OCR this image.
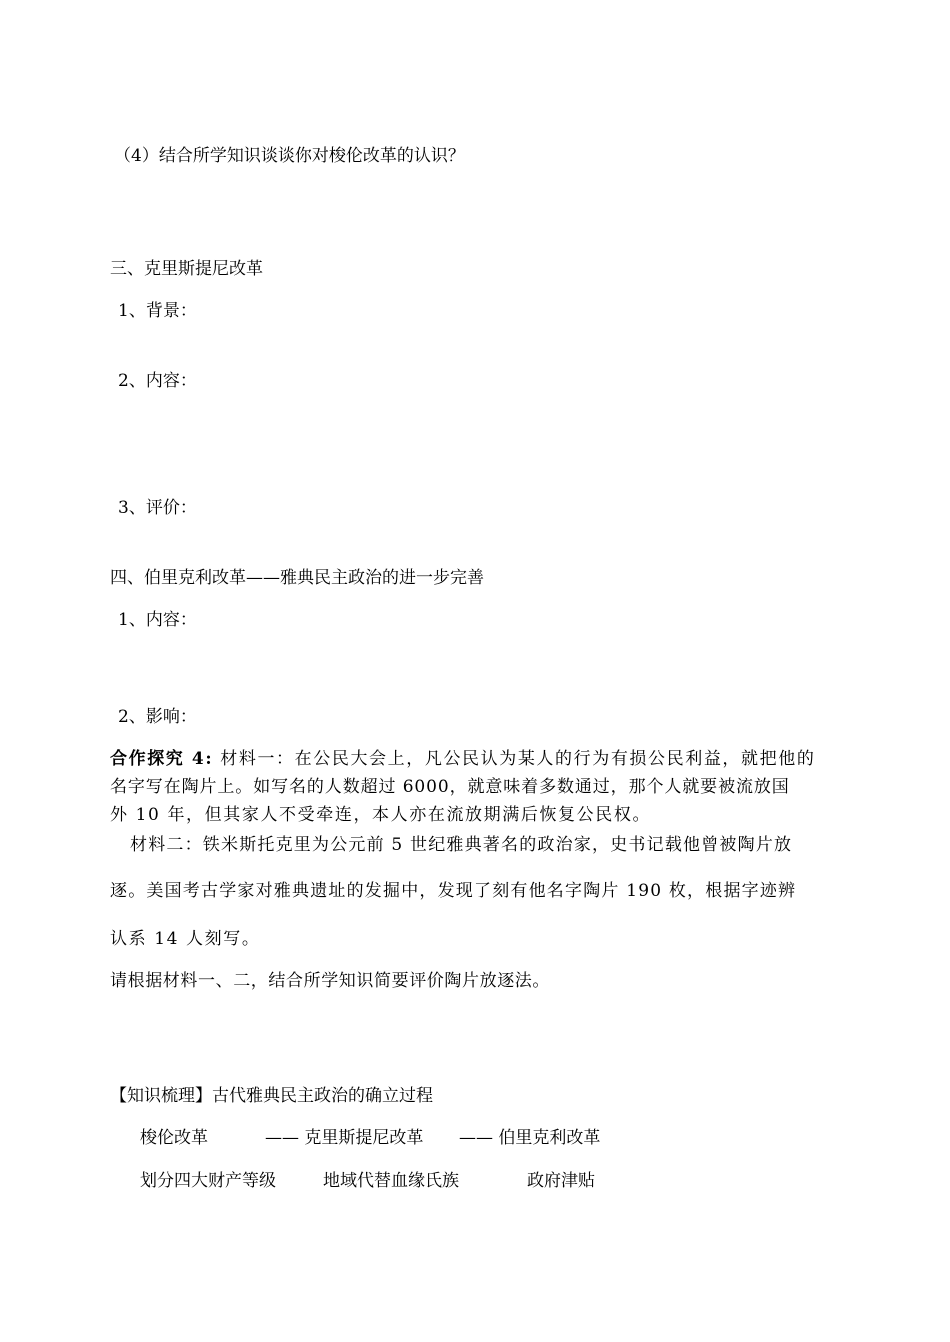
（4）结合所学知识谈谈你对梭伦改革的认识？
三、克里斯提尼改革
1、背景：
2、内容：
3、评价：
四、伯里克利改革——雅典民主政治的进一步完善
1、内容：
2、影响：
合作探究 4: 材料一：在公民大会上，凡公民认为某人的行为有损公民利益，就把他的
名字写在陶片上。如写名的人数超过 6000，就意味着多数通过，那个人就要被流放国
外 10 年，但其家人不受牵连，本人亦在流放期满后恢复公民权。
材料二：铁米斯托克里为公元前 5 世纪雅典著名的政治家，史书记载他曾被陶片放
逐。美国考古学家对雅典遗址的发掘中，发现了刻有他名字陶片 190 枚，根据字迹辨
认系 14 人刻写。
请根据材料一、二，结合所学知识简要评价陶片放逐法。
【知识梳理】古代雅典民主政治的确立过程
梭伦改革	—— 克里斯提尼改革 —— 伯里克利改革
划分四大财产等级	地域代替血缘氏族	政府津贴
